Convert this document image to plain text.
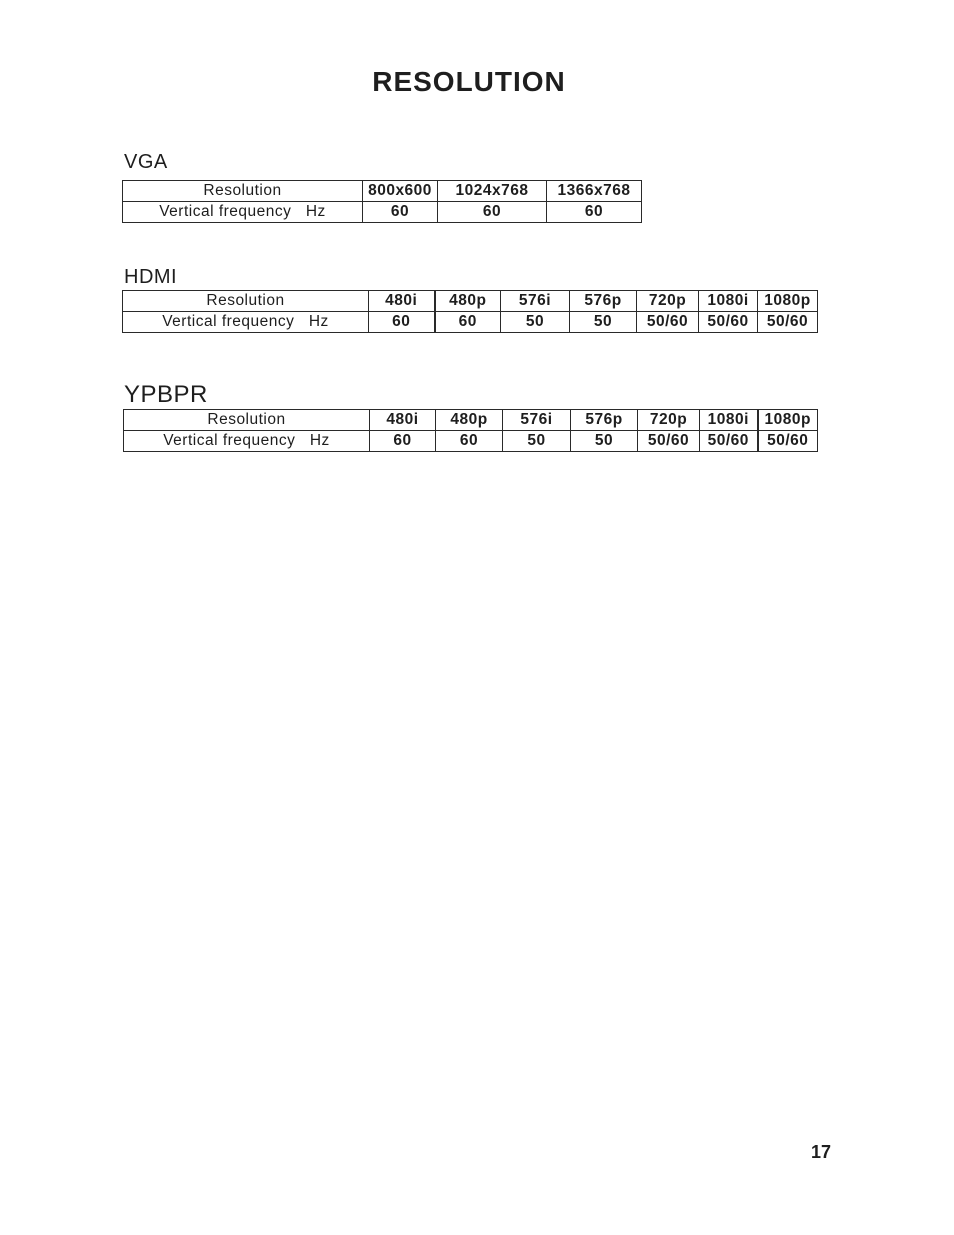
RESOLUTION
VGA
Resolution	800x600	1024x768	1366x768
Vertical frequency   Hz	60	60	60
HDMI
Resolution	480i	480p	576i	576p	720p	1080i	1080p
Vertical frequency   Hz	60	60	50	50	50/60	50/60	50/60
YPBPR
Resolution	480i	480p	576i	576p	720p	1080i	1080p
Vertical frequency   Hz	60	60	50	50	50/60	50/60	50/60
17
